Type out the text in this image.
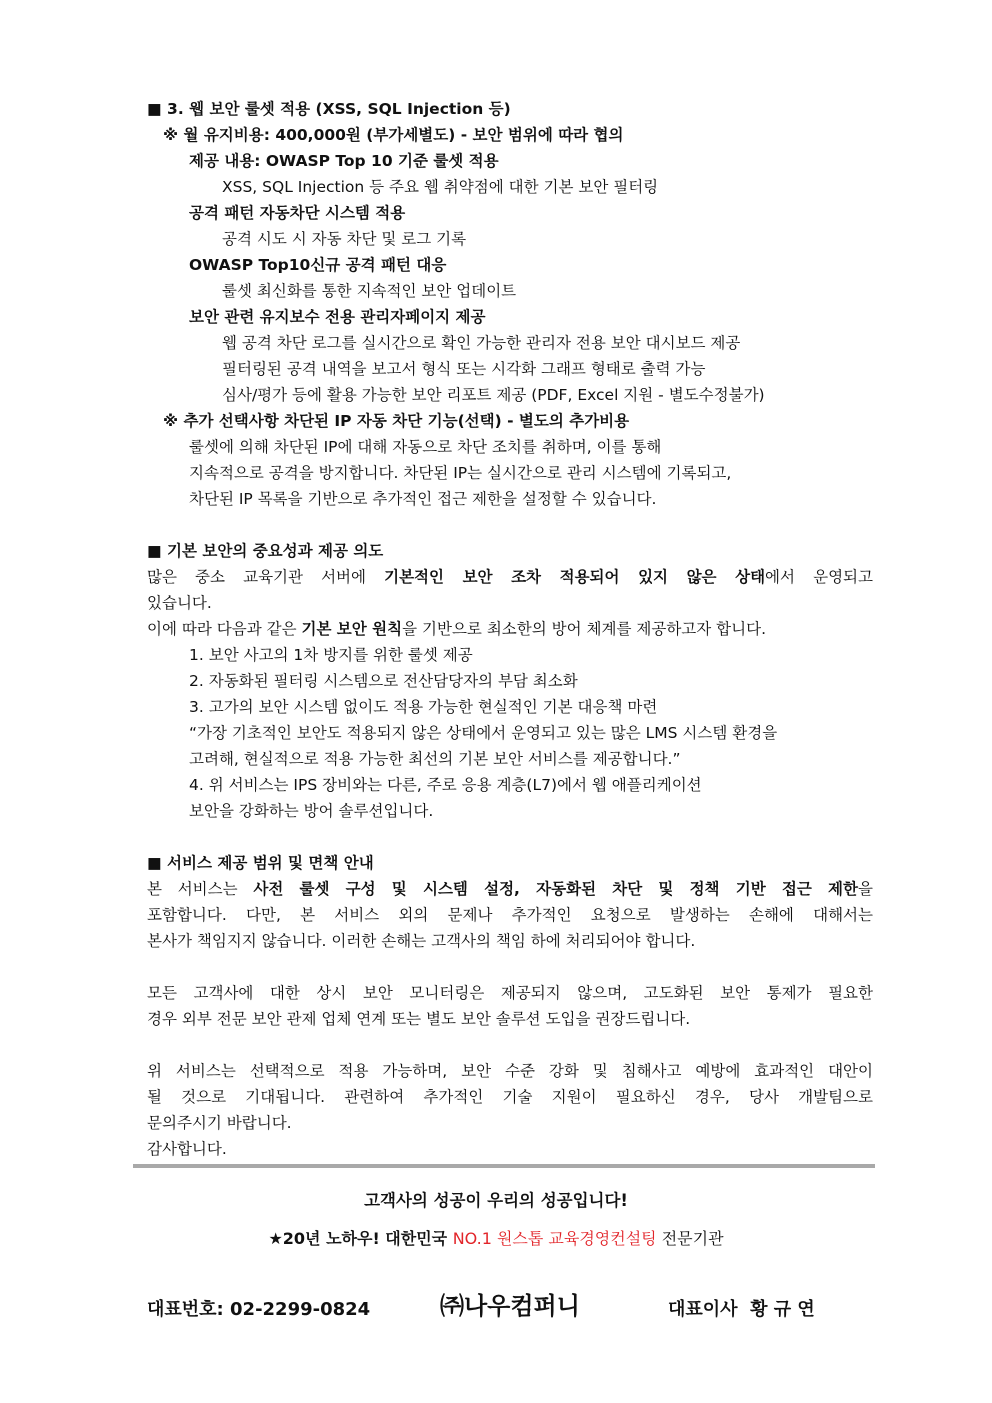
■ 3. 웹 보안 룰셋 적용 (XSS, SQL Injection 등)
※ 월 유지비용: 400,000원 (부가세별도) - 보안 범위에 따라 협의
제공 내용: OWASP Top 10 기준 룰셋 적용
XSS, SQL Injection 등 주요 웹 취약점에 대한 기본 보안 필터링
공격 패턴 자동차단 시스템 적용
공격 시도 시 자동 차단 및 로그 기록
OWASP Top10신규 공격 패턴 대응
룰셋 최신화를 통한 지속적인 보안 업데이트
보안 관련 유지보수 전용 관리자페이지 제공
웹 공격 차단 로그를 실시간으로 확인 가능한 관리자 전용 보안 대시보드 제공
필터링된 공격 내역을 보고서 형식 또는 시각화 그래프 형태로 출력 가능
심사/평가 등에 활용 가능한 보안 리포트 제공 (PDF, Excel 지원 - 별도수정불가)
※ 추가 선택사항 차단된 IP 자동 차단 기능(선택) - 별도의 추가비용
룰셋에 의해 차단된 IP에 대해 자동으로 차단 조치를 취하며, 이를 통해
지속적으로 공격을 방지합니다. 차단된 IP는 실시간으로 관리 시스템에 기록되고,
차단된 IP 목록을 기반으로 추가적인 접근 제한을 설정할 수 있습니다.
■ 기본 보안의 중요성과 제공 의도
많은 중소 교육기관 서버에 기본적인 보안 조차 적용되어 있지 않은 상태에서 운영되고
있습니다.
이에 따라 다음과 같은 기본 보안 원칙을 기반으로 최소한의 방어 체계를 제공하고자 합니다.
1. 보안 사고의 1차 방지를 위한 룰셋 제공
2. 자동화된 필터링 시스템으로 전산담당자의 부담 최소화
3. 고가의 보안 시스템 없이도 적용 가능한 현실적인 기본 대응책 마련
“가장 기초적인 보안도 적용되지 않은 상태에서 운영되고 있는 많은 LMS 시스템 환경을
고려해, 현실적으로 적용 가능한 최선의 기본 보안 서비스를 제공합니다.”
4. 위 서비스는 IPS 장비와는 다른, 주로 응용 계층(L7)에서 웹 애플리케이션
보안을 강화하는 방어 솔루션입니다.
■ 서비스 제공 범위 및 면책 안내
본 서비스는 사전 룰셋 구성 및 시스템 설정, 자동화된 차단 및 정책 기반 접근 제한을
포함합니다. 다만, 본 서비스 외의 문제나 추가적인 요청으로 발생하는 손해에 대해서는
본사가 책임지지 않습니다. 이러한 손해는 고객사의 책임 하에 처리되어야 합니다.
모든 고객사에 대한 상시 보안 모니터링은 제공되지 않으며, 고도화된 보안 통제가 필요한
경우 외부 전문 보안 관제 업체 연계 또는 별도 보안 솔루션 도입을 권장드립니다.
위 서비스는 선택적으로 적용 가능하며, 보안 수준 강화 및 침해사고 예방에 효과적인 대안이
될 것으로 기대됩니다. 관련하여 추가적인 기술 지원이 필요하신 경우, 당사 개발팀으로
문의주시기 바랍니다.
감사합니다.
고객사의 성공이 우리의 성공입니다!
★20년 노하우! 대한민국 NO.1 원스톱 교육경영컨설팅 전문기관
대표번호: 02-2299-0824	㈜나우컴퍼니	대표이사  황 규 연
